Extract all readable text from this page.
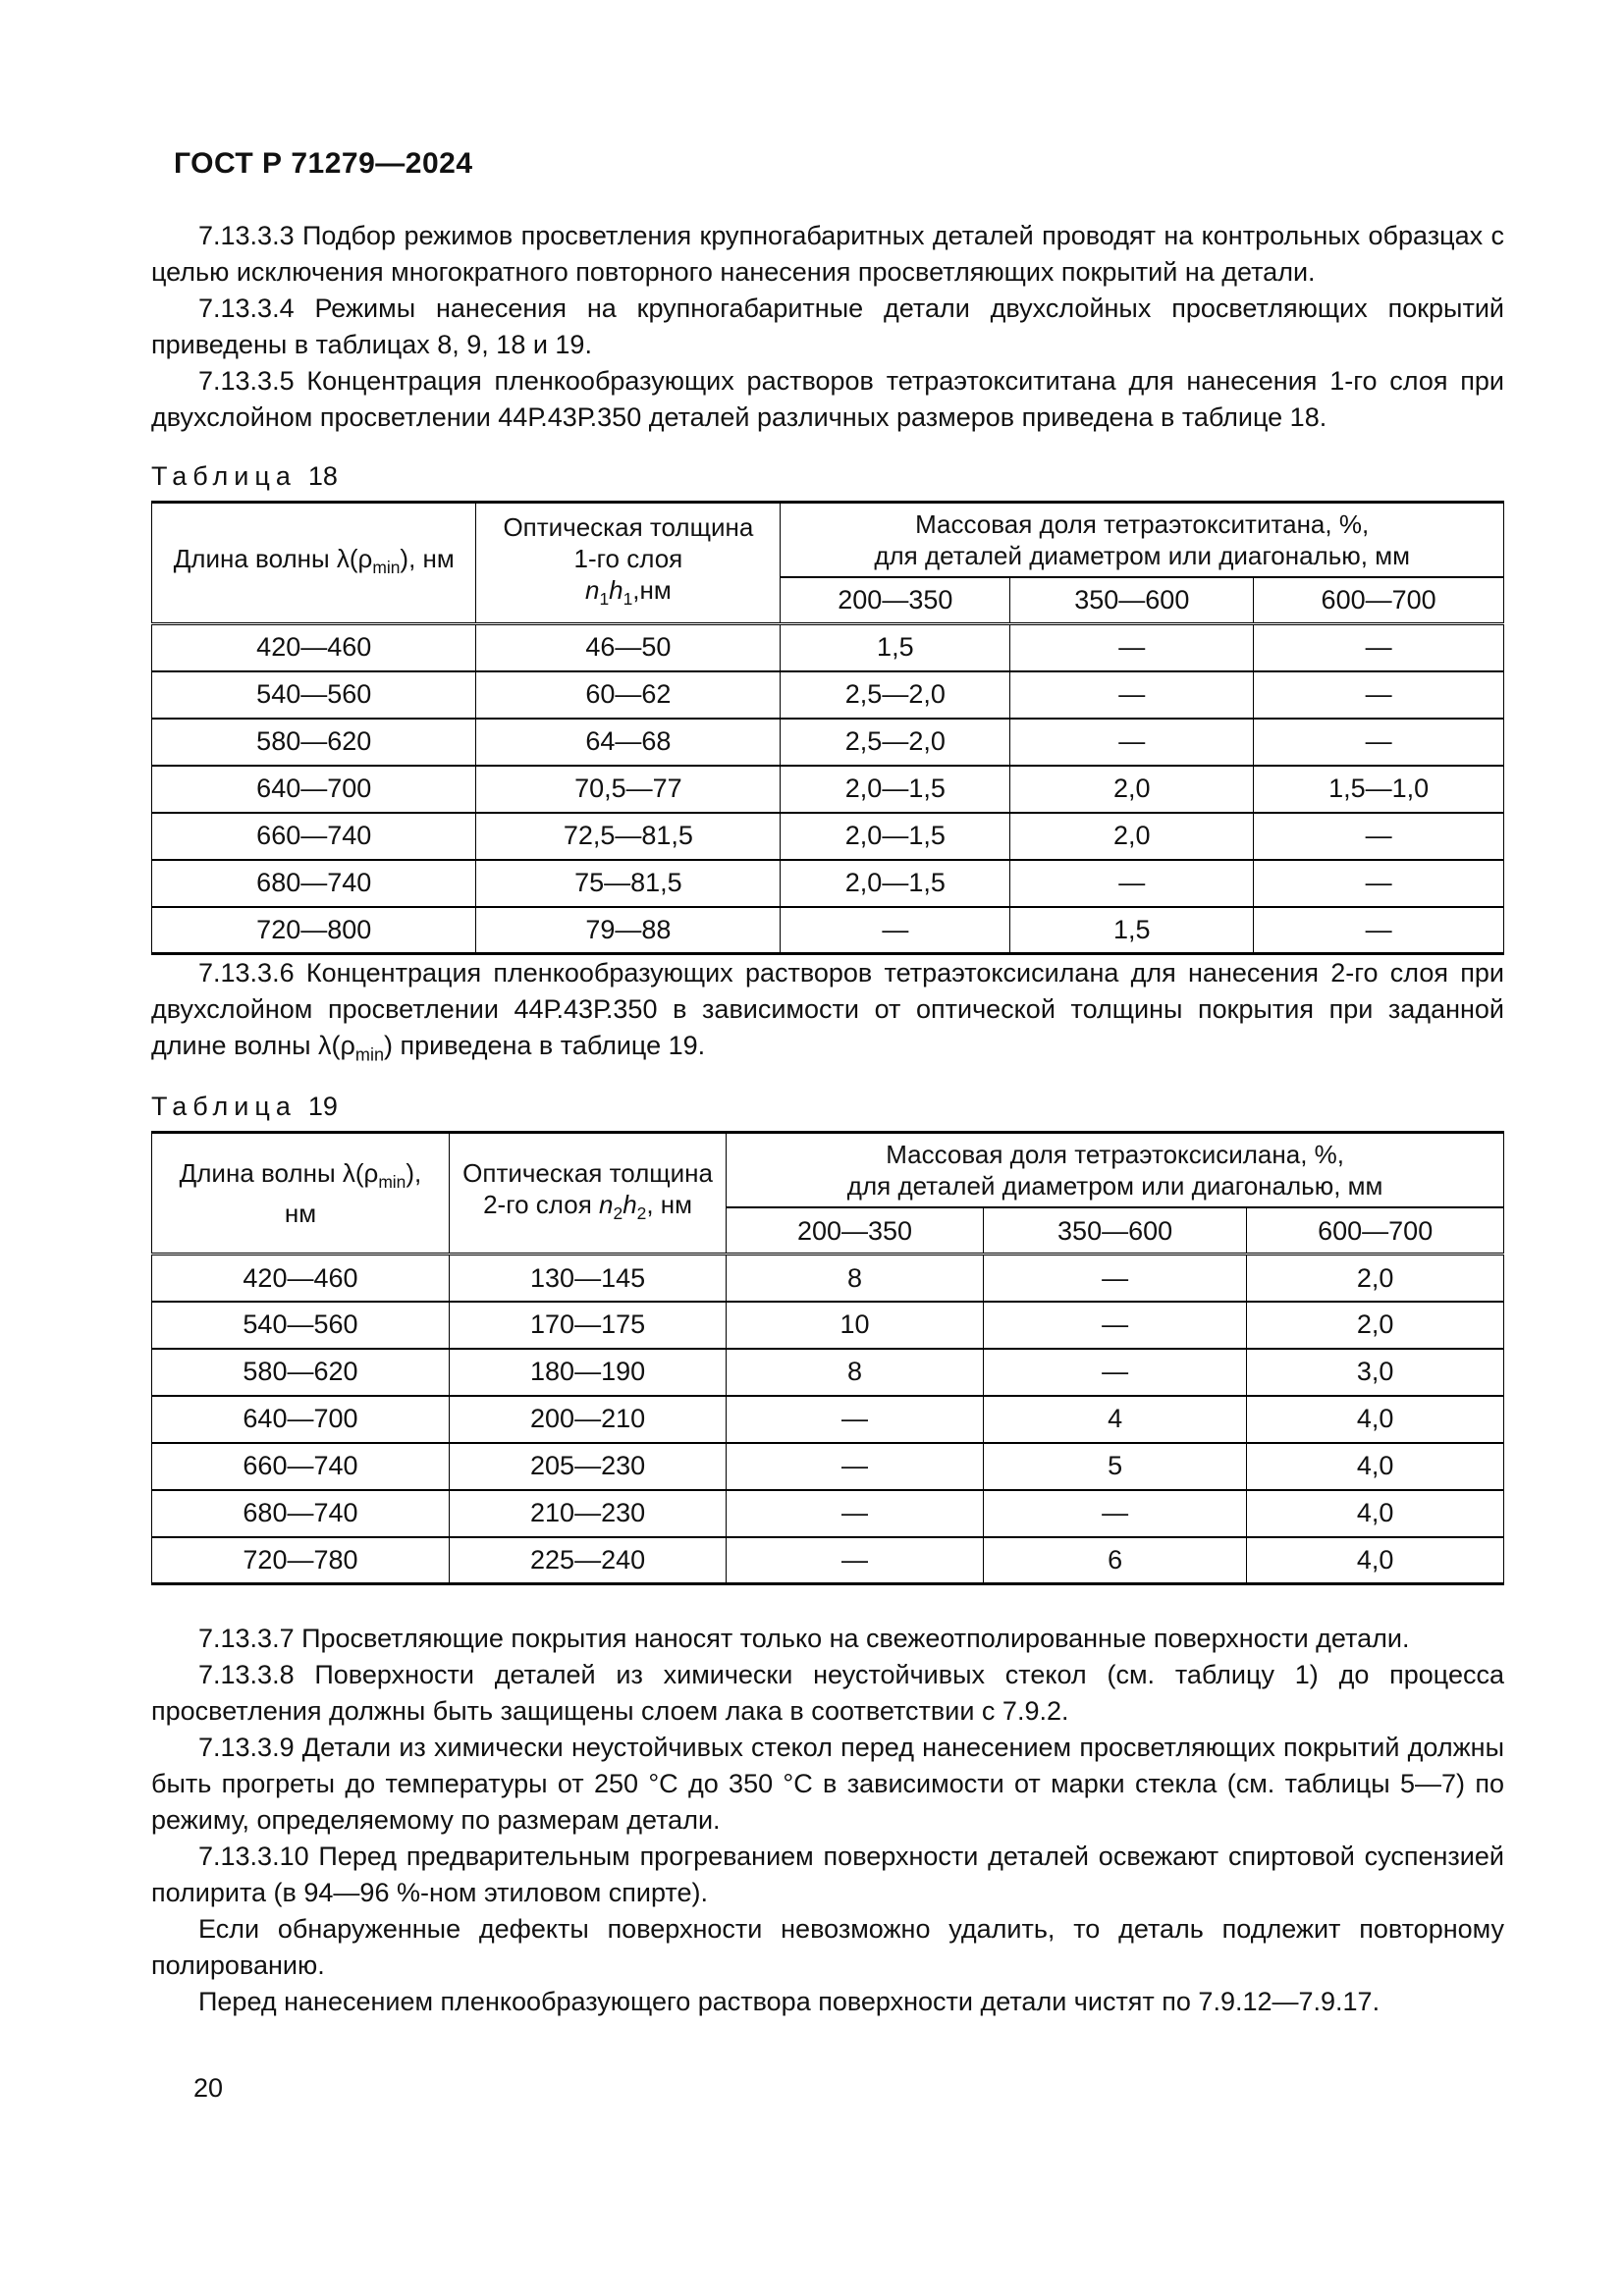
ГОСТ Р 71279—2024

7.13.3.3 Подбор режимов просветления крупногабаритных деталей проводят на контрольных образцах с целью исключения многократного повторного нанесения просветляющих покрытий на детали.

7.13.3.4 Режимы нанесения на крупногабаритные детали двухслойных просветляющих покрытий приведены в таблицах 8, 9, 18 и 19.

7.13.3.5 Концентрация пленкообразующих растворов тетраэтоксититана для нанесения 1-го слоя при двухслойном просветлении 44Р.43Р.350 деталей различных размеров приведена в таблице 18.

Таблица 18
Длина волны $\lambda(\rho_{min})$, нм	
Оптическая толщина
1-го слоя
$n_1h_1,нм$

Массовая доля тетраэтоксититана, %,
для деталей диаметром или диагональю, мм

		200—350	350—600	600—700
420—460	46—50	1,5	—	—
540—560	60—62	2,5—2,0	—	—
580—620	64—68	2,5—2,0	—	—
640—700	70,5—77	2,0—1,5	2,0	1,5—1,0
660—740	72,5—81,5	2,0—1,5	2,0	—
680—740	75—81,5	2,0—1,5	—	—
720—800	79—88	—	1,5	—

7.13.3.6 Концентрация пленкообразующих растворов тетраэтоксисилана для нанесения 2-го слоя при двухслойном просветлении 44Р.43Р.350 в зависимости от оптической толщины покрытия при заданной длине волны $\lambda(\rho_{min})$ приведена в таблице 19.

Таблица 19
Длина волны $\lambda(\rho_{min})$,
нм

Оптическая толщина
2-го слоя $n_2h_2$, нм

Массовая доля тетраэтоксисилана, %,
для деталей диаметром или диагональю, мм

		200—350	350—600	600—700
420—460	130—145	8	—	2,0
540—560	170—175	10	—	2,0
580—620	180—190	8	—	3,0
640—700	200—210	—	4	4,0
660—740	205—230	—	5	4,0
680—740	210—230	—	—	4,0
720—780	225—240	—	6	4,0

7.13.3.7 Просветляющие покрытия наносят только на свежеотполированные поверхности детали.

7.13.3.8 Поверхности деталей из химически неустойчивых стекол (см. таблицу 1) до процесса просветления должны быть защищены слоем лака в соответствии с 7.9.2.

7.13.3.9 Детали из химически неустойчивых стекол перед нанесением просветляющих покрытий должны быть прогреты до температуры от 250 °С до 350 °С в зависимости от марки стекла (см. таблицы 5—7) по режиму, определяемому по размерам детали.

7.13.3.10 Перед предварительным прогреванием поверхности деталей освежают спиртовой суспензией полирита (в 94—96 %-ном этиловом спирте).

Если обнаруженные дефекты поверхности невозможно удалить, то деталь подлежит повторному полированию.

Перед нанесением пленкообразующего раствора поверхности детали чистят по 7.9.12—7.9.17.

20
